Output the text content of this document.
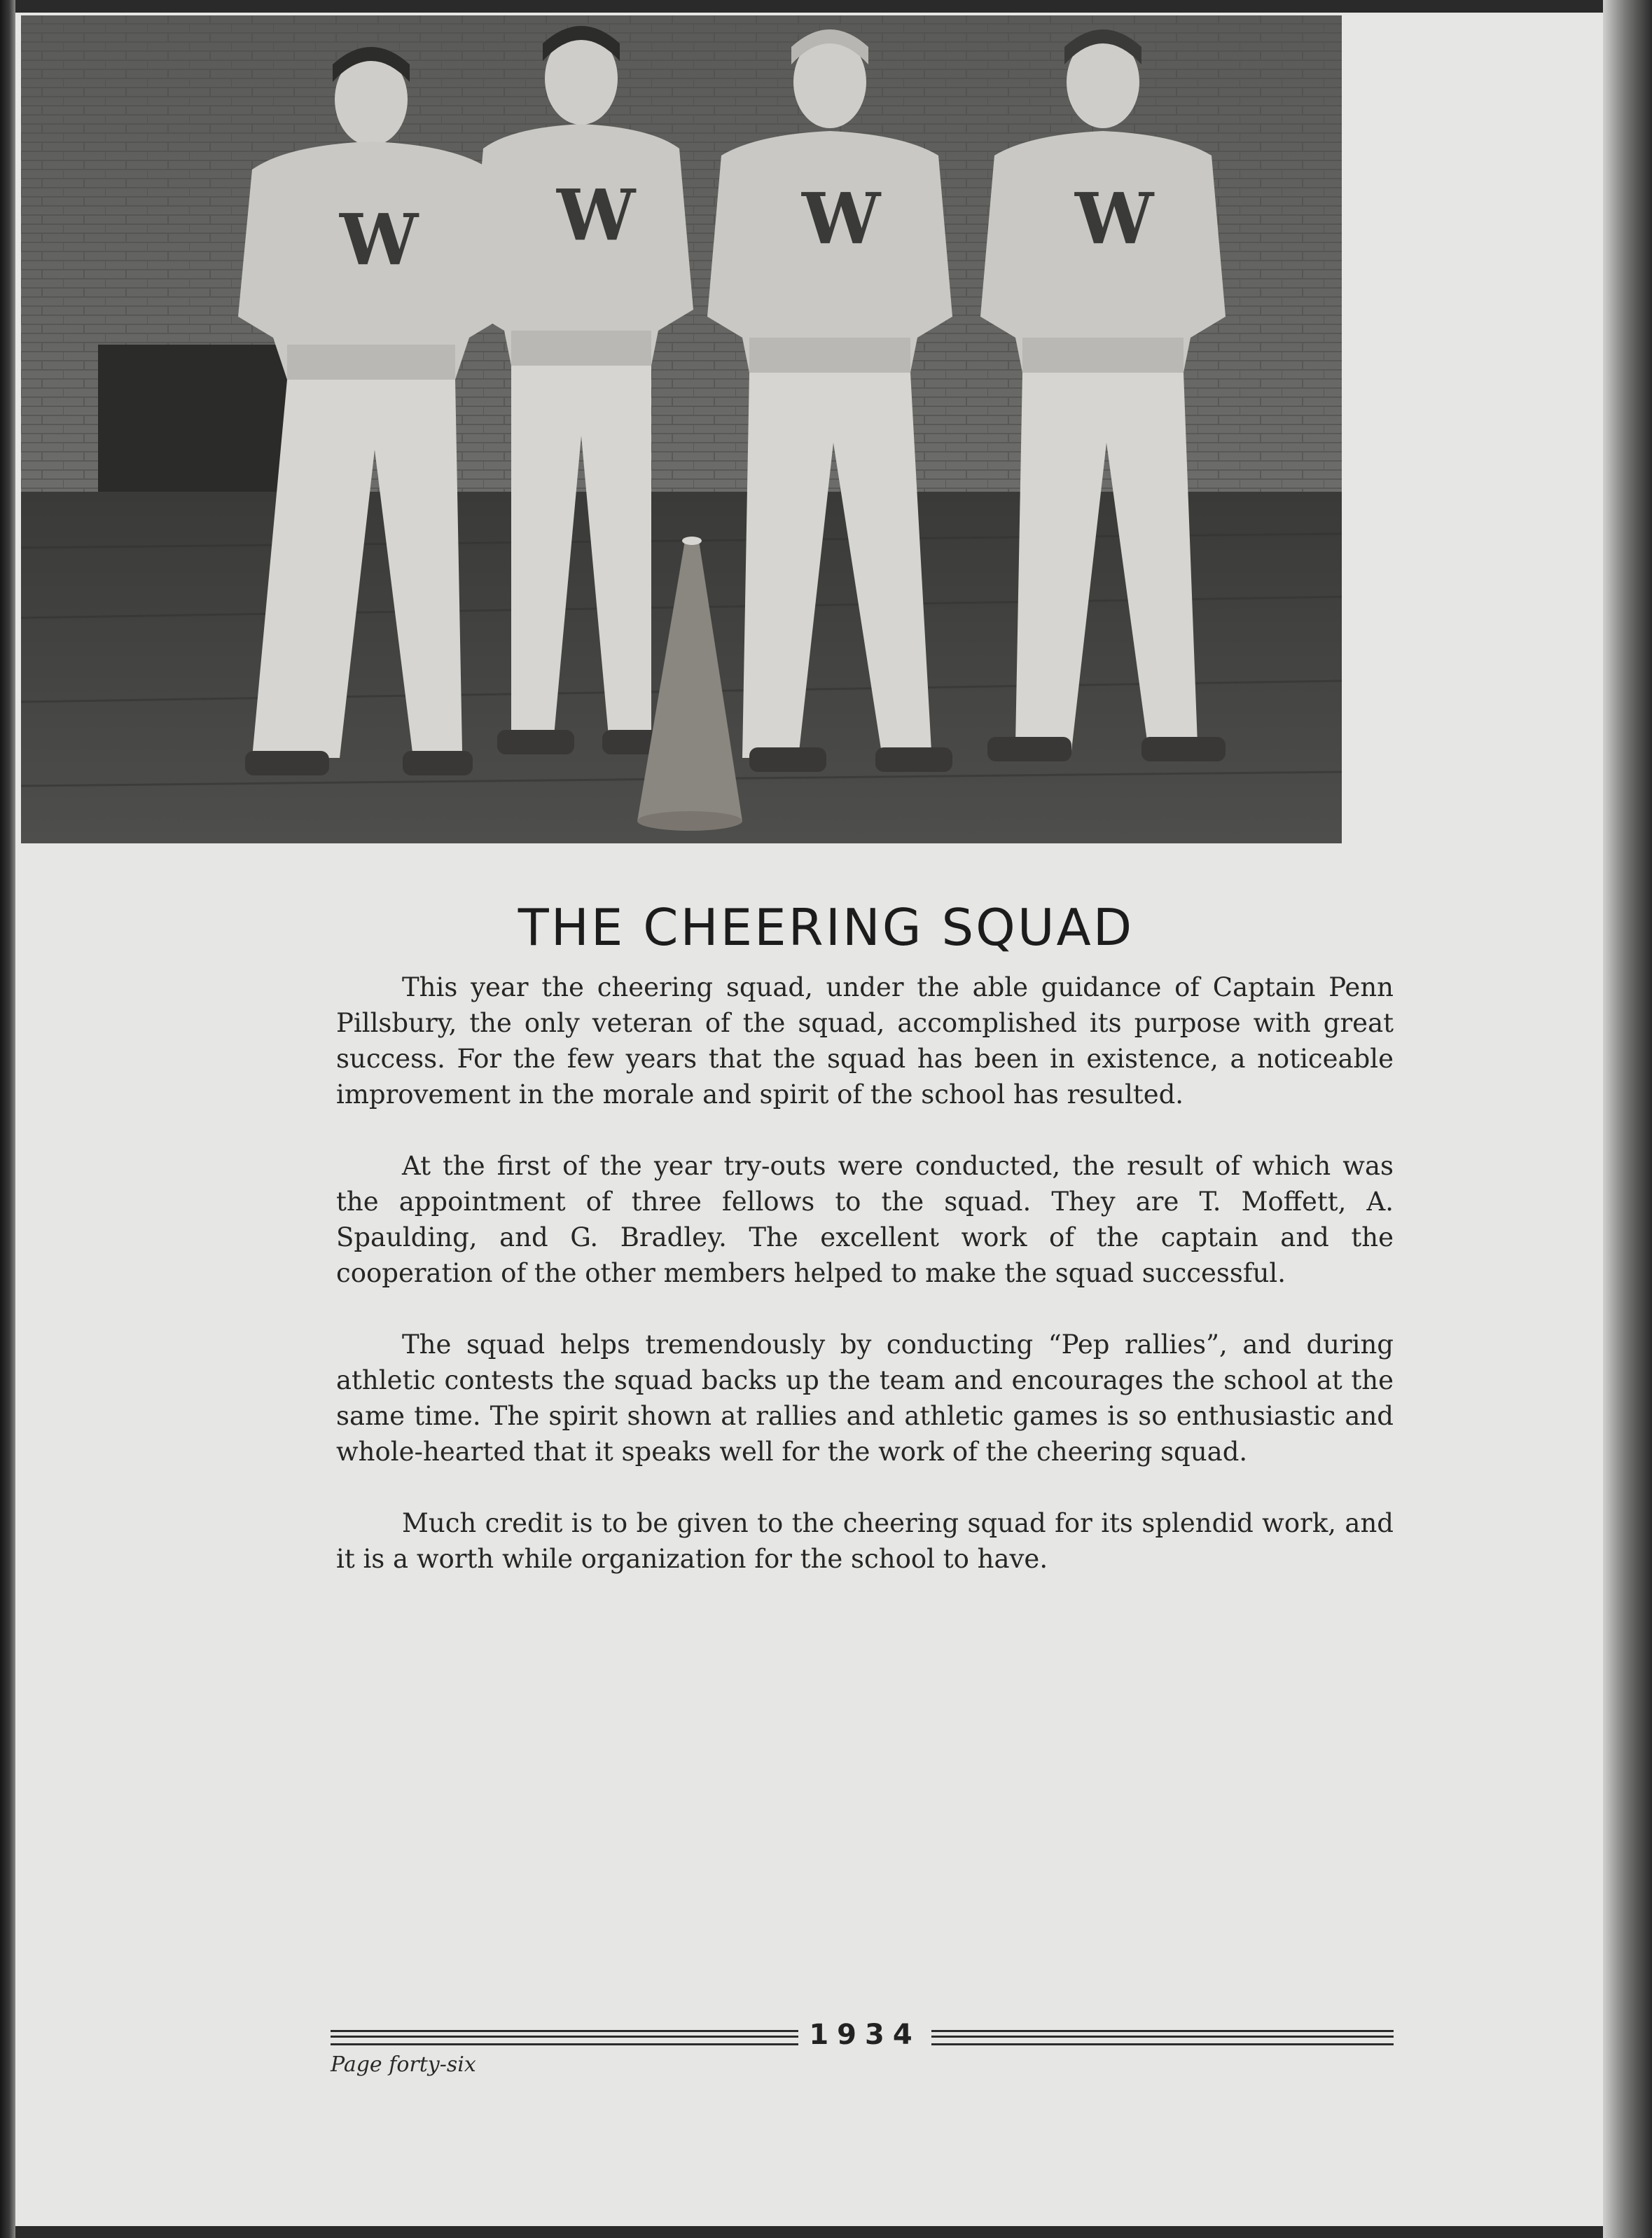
W W W	W
THE CHEERING SQUAD

This year the cheering squad, under the able guidance of Captain Penn Pillsbury, the only veteran of the squad, accomplished its purpose with great success. For the few years that the squad has been in existence, a noticeable improvement in the morale and spirit of the school has resulted.

At the first of the year try-outs were conducted, the result of which was the appointment of three fellows to the squad. They are T. Moffett, A. Spaulding, and G. Bradley. The excellent work of the captain and the cooperation of the other members helped to make the squad successful.

The squad helps tremendously by conducting “Pep rallies”, and during athletic contests the squad backs up the team and encourages the school at the same time. The spirit shown at rallies and athletic games is so enthusiastic and whole-hearted that it speaks well for the work of the cheering squad.

Much credit is to be given to the cheering squad for its splendid work, and it is a worth while organization for the school to have.

1934
Page forty-six
